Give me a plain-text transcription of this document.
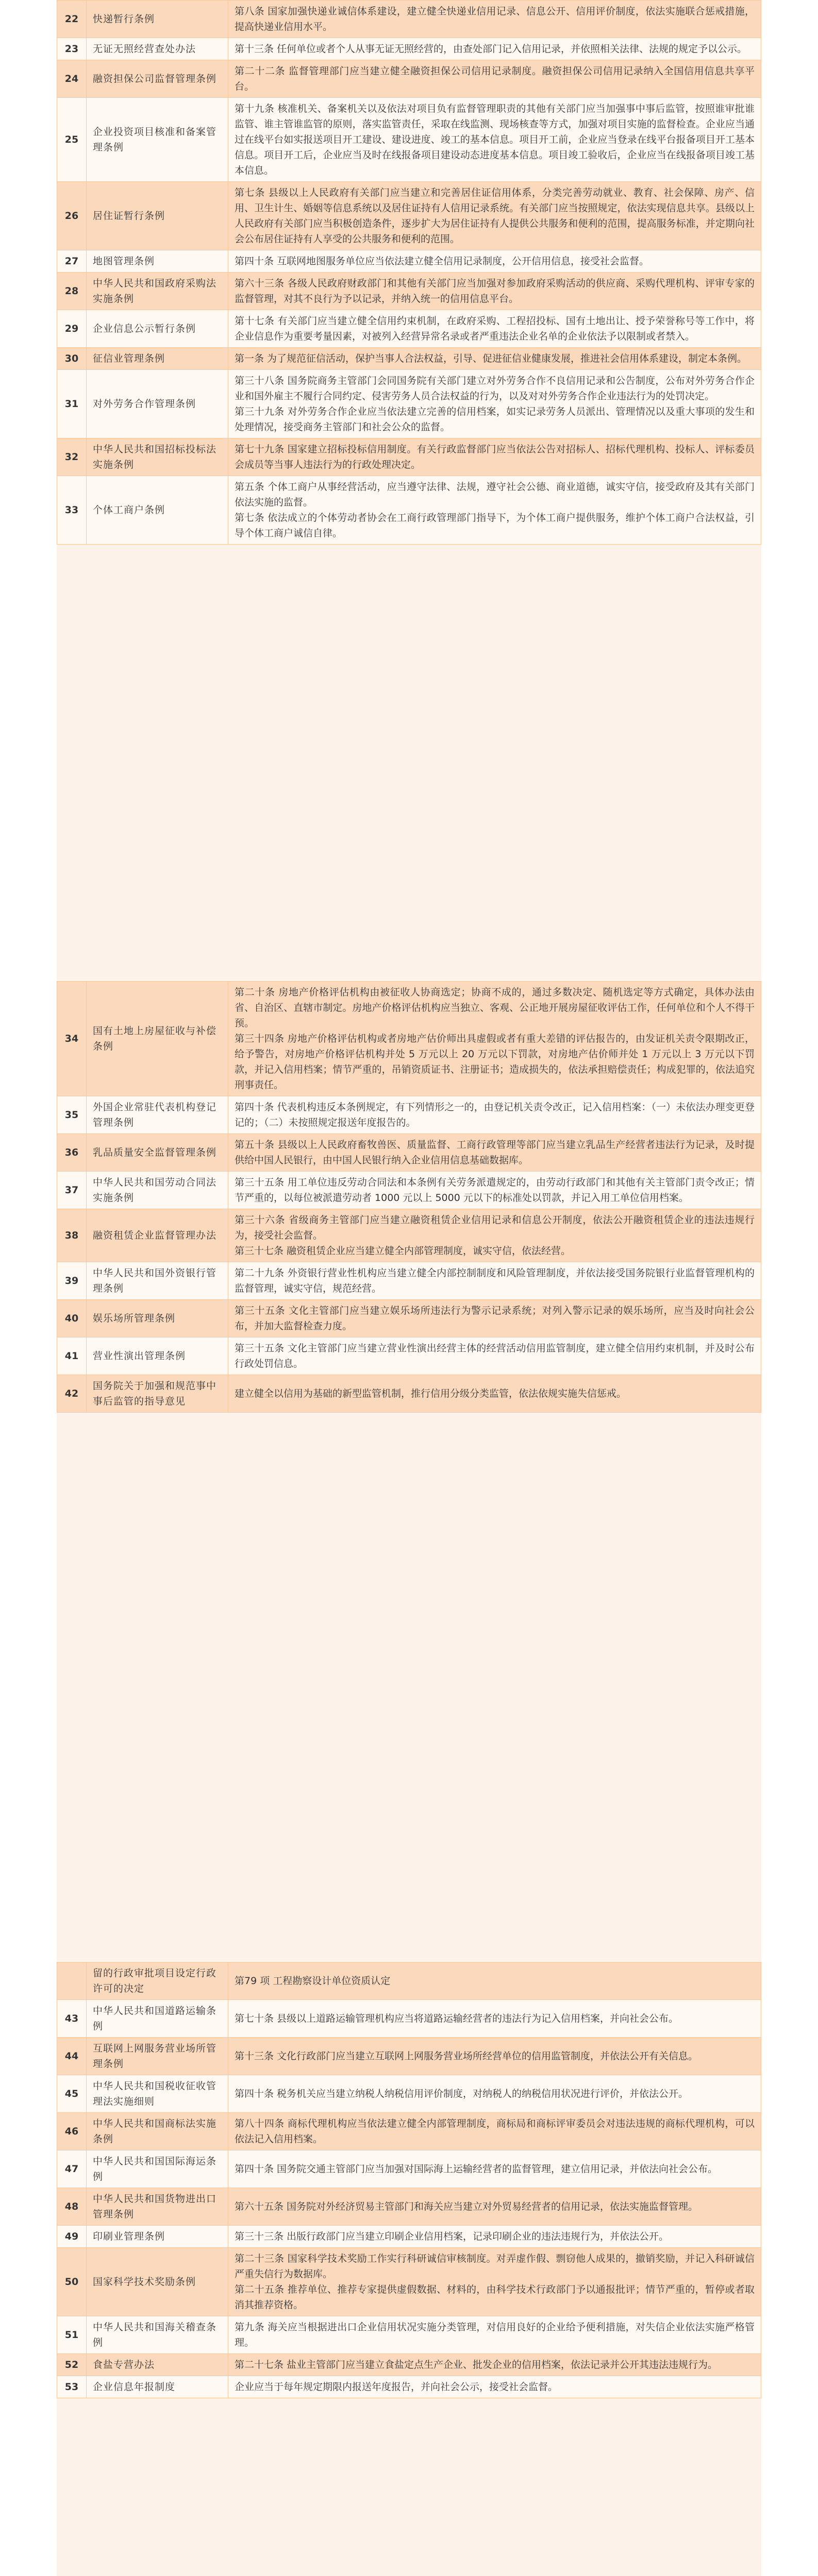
22	快递暂行条例	第八条 国家加强快递业诚信体系建设，建立健全快递业信用记录、信息公开、信用评价制度，依法实施联合惩戒措施，提高快递业信用水平。

23	无证无照经营查处办法	第十三条 任何单位或者个人从事无证无照经营的，由查处部门记入信用记录，并依照相关法律、法规的规定予以公示。

24	融资担保公司监督管理条例	第二十二条 监督管理部门应当建立健全融资担保公司信用记录制度。融资担保公司信用记录纳入全国信用信息共享平台。

25	企业投资项目核准和备案管理条例	第十九条 核准机关、备案机关以及依法对项目负有监督管理职责的其他有关部门应当加强事中事后监管，按照谁审批谁监管、谁主管谁监管的原则，落实监管责任，采取在线监测、现场核查等方式，加强对项目实施的监督检查。企业应当通过在线平台如实报送项目开工建设、建设进度、竣工的基本信息。项目开工前，企业应当登录在线平台报备项目开工基本信息。项目开工后，企业应当及时在线报备项目建设动态进度基本信息。项目竣工验收后，企业应当在线报备项目竣工基本信息。

26	居住证暂行条例	第七条 县级以上人民政府有关部门应当建立和完善居住证信用体系，分类完善劳动就业、教育、社会保障、房产、信用、卫生计生、婚姻等信息系统以及居住证持有人信用记录系统。有关部门应当按照规定，依法实现信息共享。县级以上人民政府有关部门应当积极创造条件，逐步扩大为居住证持有人提供公共服务和便利的范围，提高服务标准，并定期向社会公布居住证持有人享受的公共服务和便利的范围。

27	地图管理条例	第四十条 互联网地图服务单位应当依法建立健全信用记录制度，公开信用信息，接受社会监督。

28	中华人民共和国政府采购法实施条例	第六十三条 各级人民政府财政部门和其他有关部门应当加强对参加政府采购活动的供应商、采购代理机构、评审专家的监督管理，对其不良行为予以记录，并纳入统一的信用信息平台。

29	企业信息公示暂行条例	第十七条 有关部门应当建立健全信用约束机制，在政府采购、工程招投标、国有土地出让、授予荣誉称号等工作中，将企业信息作为重要考量因素，对被列入经营异常名录或者严重违法企业名单的企业依法予以限制或者禁入。

30	征信业管理条例	第一条 为了规范征信活动，保护当事人合法权益，引导、促进征信业健康发展，推进社会信用体系建设，制定本条例。

31	对外劳务合作管理条例	第三十八条 国务院商务主管部门会同国务院有关部门建立对外劳务合作不良信用记录和公告制度，公布对外劳务合作企业和国外雇主不履行合同约定、侵害劳务人员合法权益的行为，以及对对外劳务合作企业违法行为的处罚决定。
第三十九条 对外劳务合作企业应当依法建立完善的信用档案，如实记录劳务人员派出、管理情况以及重大事项的发生和处理情况，接受商务主管部门和社会公众的监督。

32	中华人民共和国招标投标法实施条例	第七十九条 国家建立招标投标信用制度。有关行政监督部门应当依法公告对招标人、招标代理机构、投标人、评标委员会成员等当事人违法行为的行政处理决定。

33	个体工商户条例	第五条 个体工商户从事经营活动，应当遵守法律、法规，遵守社会公德、商业道德，诚实守信，接受政府及其有关部门依法实施的监督。
第七条 依法成立的个体劳动者协会在工商行政管理部门指导下，为个体工商户提供服务，维护个体工商户合法权益，引导个体工商户诚信自律。
34	国有土地上房屋征收与补偿条例	第二十条 房地产价格评估机构由被征收人协商选定；协商不成的，通过多数决定、随机选定等方式确定，具体办法由省、自治区、直辖市制定。房地产价格评估机构应当独立、客观、公正地开展房屋征收评估工作，任何单位和个人不得干预。
第三十四条 房地产价格评估机构或者房地产估价师出具虚假或者有重大差错的评估报告的，由发证机关责令限期改正，给予警告，对房地产价格评估机构并处 5 万元以上 20 万元以下罚款，对房地产估价师并处 1 万元以上 3 万元以下罚款，并记入信用档案；情节严重的，吊销资质证书、注册证书；造成损失的，依法承担赔偿责任；构成犯罪的，依法追究刑事责任。

35	外国企业常驻代表机构登记管理条例	第四十条 代表机构违反本条例规定，有下列情形之一的，由登记机关责令改正，记入信用档案：（一）未依法办理变更登记的；（二）未按照规定报送年度报告的。

36	乳品质量安全监督管理条例	第五十条 县级以上人民政府畜牧兽医、质量监督、工商行政管理等部门应当建立乳品生产经营者违法行为记录，及时提供给中国人民银行，由中国人民银行纳入企业信用信息基础数据库。

37	中华人民共和国劳动合同法实施条例	第三十五条 用工单位违反劳动合同法和本条例有关劳务派遣规定的，由劳动行政部门和其他有关主管部门责令改正；情节严重的，以每位被派遣劳动者 1000 元以上 5000 元以下的标准处以罚款，并记入用工单位信用档案。

38	融资租赁企业监督管理办法	第三十六条 省级商务主管部门应当建立融资租赁企业信用记录和信息公开制度，依法公开融资租赁企业的违法违规行为，接受社会监督。
第三十七条 融资租赁企业应当建立健全内部管理制度，诚实守信，依法经营。

39	中华人民共和国外资银行管理条例	第二十九条 外资银行营业性机构应当建立健全内部控制制度和风险管理制度，并依法接受国务院银行业监督管理机构的监督管理，诚实守信，规范经营。

40	娱乐场所管理条例	第三十五条 文化主管部门应当建立娱乐场所违法行为警示记录系统；对列入警示记录的娱乐场所，应当及时向社会公布，并加大监督检查力度。

41	营业性演出管理条例	第三十五条 文化主管部门应当建立营业性演出经营主体的经营活动信用监管制度，建立健全信用约束机制，并及时公布行政处罚信息。

42	国务院关于加强和规范事中事后监管的指导意见	建立健全以信用为基础的新型监管机制，推行信用分级分类监管，依法依规实施失信惩戒。
	留的行政审批项目设定行政许可的决定	第79 项 工程勘察设计单位资质认定

43	中华人民共和国道路运输条例	第七十条 县级以上道路运输管理机构应当将道路运输经营者的违法行为记入信用档案，并向社会公布。

44	互联网上网服务营业场所管理条例	第十三条 文化行政部门应当建立互联网上网服务营业场所经营单位的信用监管制度，并依法公开有关信息。

45	中华人民共和国税收征收管理法实施细则	第四十条 税务机关应当建立纳税人纳税信用评价制度，对纳税人的纳税信用状况进行评价，并依法公开。

46	中华人民共和国商标法实施条例	第八十四条 商标代理机构应当依法建立健全内部管理制度，商标局和商标评审委员会对违法违规的商标代理机构，可以依法记入信用档案。

47	中华人民共和国国际海运条例	第四十条 国务院交通主管部门应当加强对国际海上运输经营者的监督管理，建立信用记录，并依法向社会公布。

48	中华人民共和国货物进出口管理条例	第六十五条 国务院对外经济贸易主管部门和海关应当建立对外贸易经营者的信用记录，依法实施监督管理。

49	印刷业管理条例	第三十三条 出版行政部门应当建立印刷企业信用档案，记录印刷企业的违法违规行为，并依法公开。

50	国家科学技术奖励条例	第二十三条 国家科学技术奖励工作实行科研诚信审核制度。对弄虚作假、剽窃他人成果的，撤销奖励，并记入科研诚信严重失信行为数据库。
第二十五条 推荐单位、推荐专家提供虚假数据、材料的，由科学技术行政部门予以通报批评；情节严重的，暂停或者取消其推荐资格。

51	中华人民共和国海关稽查条例	第九条 海关应当根据进出口企业信用状况实施分类管理，对信用良好的企业给予便利措施，对失信企业依法实施严格管理。

52	食盐专营办法	第二十七条 盐业主管部门应当建立食盐定点生产企业、批发企业的信用档案，依法记录并公开其违法违规行为。

53	企业信息年报制度	企业应当于每年规定期限内报送年度报告，并向社会公示，接受社会监督。
